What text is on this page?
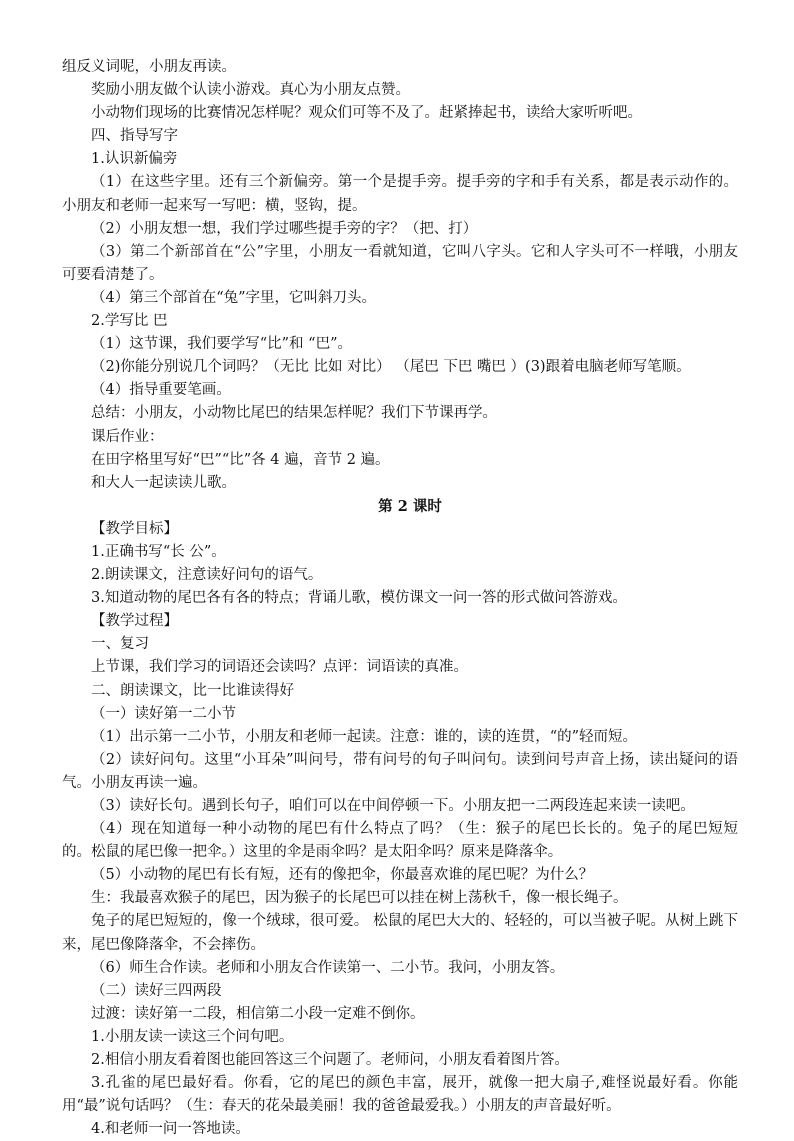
组反义词呢，小朋友再读。

奖励小朋友做个认读小游戏。真心为小朋友点赞。

小动物们现场的比赛情况怎样呢？观众们可等不及了。赶紧捧起书，读给大家听听吧。

四、指导写字

1.认识新偏旁

（1）在这些字里。还有三个新偏旁。第一个是提手旁。提手旁的字和手有关系，都是表示动作的。小朋友和老师一起来写一写吧：横，竖钩，提。

（2）小朋友想一想，我们学过哪些提手旁的字？（把、打）

（3）第二个新部首在“公”字里，小朋友一看就知道，它叫八字头。它和人字头可不一样哦，小朋友可要看清楚了。

（4）第三个部首在“兔”字里，它叫斜刀头。

2.学写比 巴

（1）这节课，我们要学写“比”和 “巴”。

（2)你能分别说几个词吗？（无比 比如 对比） （尾巴 下巴 嘴巴 ）(3)跟着电脑老师写笔顺。

（4）指导重要笔画。

总结：小朋友，小动物比尾巴的结果怎样呢？我们下节课再学。

课后作业：

在田字格里写好“巴”“比”各 4 遍，音节 2 遍。

和大人一起读读儿歌。

第 2 课时

【教学目标】

1.正确书写“长 公”。

2.朗读课文，注意读好问句的语气。

3.知道动物的尾巴各有各的特点；背诵儿歌，模仿课文一问一答的形式做问答游戏。

【教学过程】

一、复习

上节课，我们学习的词语还会读吗？点评：词语读的真准。

二、朗读课文，比一比谁读得好

（一）读好第一二小节

（1）出示第一二小节，小朋友和老师一起读。注意：谁的，读的连贯，“的”轻而短。

（2）读好问句。这里“小耳朵”叫问号，带有问号的句子叫问句。读到问号声音上扬，读出疑问的语气。小朋友再读一遍。

（3）读好长句。遇到长句子，咱们可以在中间停顿一下。小朋友把一二两段连起来读一读吧。

（4）现在知道每一种小动物的尾巴有什么特点了吗？（生：猴子的尾巴长长的。兔子的尾巴短短的。松鼠的尾巴像一把伞。）这里的伞是雨伞吗？是太阳伞吗？原来是降落伞。

（5）小动物的尾巴有长有短，还有的像把伞，你最喜欢谁的尾巴呢？为什么？

生：我最喜欢猴子的尾巴，因为猴子的长尾巴可以挂在树上荡秋千，像一根长绳子。

兔子的尾巴短短的，像一个绒球，很可爱。 松鼠的尾巴大大的、轻轻的，可以当被子呢。从树上跳下来，尾巴像降落伞，不会摔伤。

（6）师生合作读。老师和小朋友合作读第一、二小节。我问，小朋友答。

（二）读好三四两段

过渡：读好第一二段，相信第二小段一定难不倒你。

1.小朋友读一读这三个问句吧。

2.相信小朋友看着图也能回答这三个问题了。老师问，小朋友看着图片答。

3.孔雀的尾巴最好看。你看，它的尾巴的颜色丰富，展开，就像一把大扇子,难怪说最好看。你能用“最”说句话吗？（生：春天的花朵最美丽！我的爸爸最爱我。）小朋友的声音最好听。

4.和老师一问一答地读。
